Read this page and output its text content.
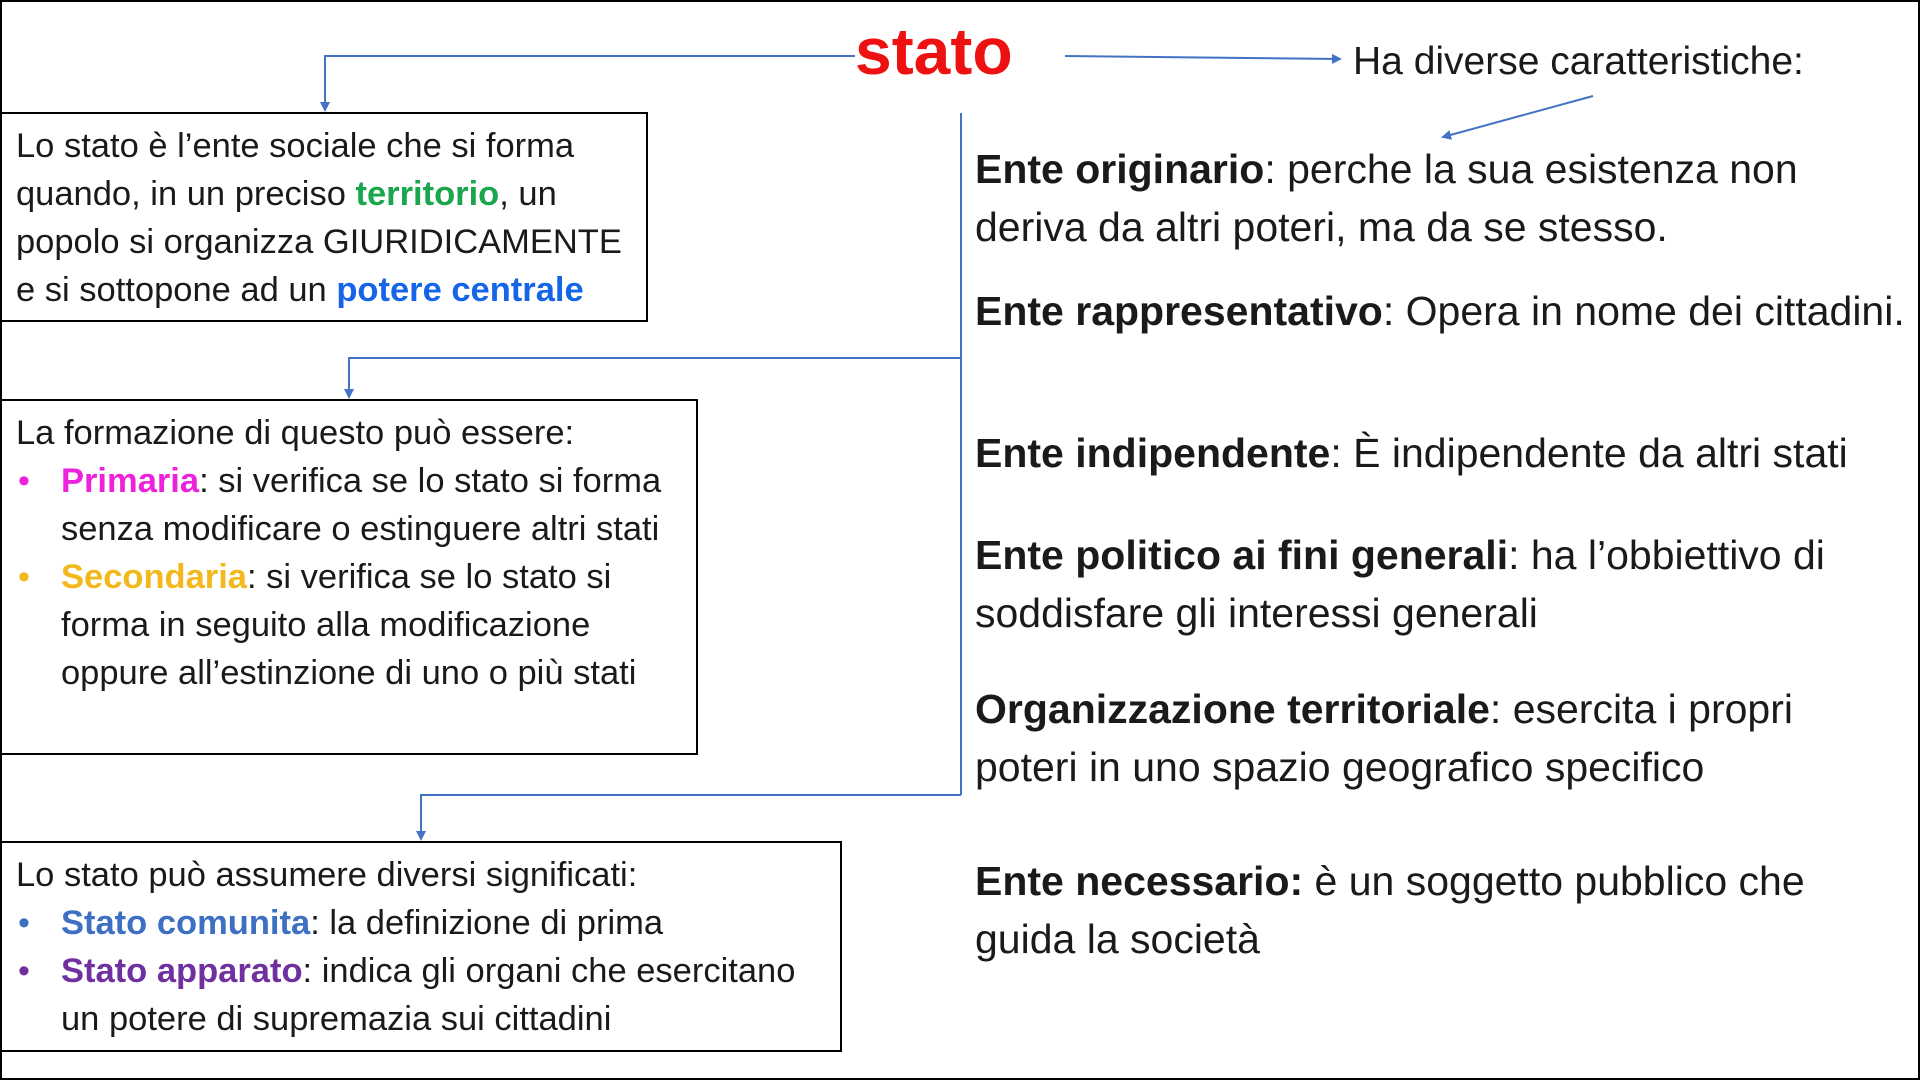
stato	Ha diverse caratteristiche:
Lo stato è l’ente sociale che si forma quando, in un preciso territorio, un popolo si organizza GIURIDICAMENTE e si sottopone ad un potere centrale
La formazione di questo può essere:
• Primaria: si verifica se lo stato si forma senza modificare o estinguere altri stati
• Secondaria: si verifica se lo stato si forma in seguito alla modificazione oppure all’estinzione di uno o più stati
Lo stato può assumere diversi significati:
• Stato comunita: la definizione di prima
• Stato apparato: indica gli organi che esercitano un potere di supremazia sui cittadini
Ente originario: perche la sua esistenza non deriva da altri poteri, ma da se stesso.
Ente rappresentativo: Opera in nome dei cittadini.
Ente indipendente: È indipendente da altri stati
Ente politico ai fini generali: ha l’obbiettivo di soddisfare gli interessi generali
Organizzazione territoriale: esercita i propri poteri in uno spazio geografico specifico
Ente necessario: è un soggetto pubblico che guida la società
